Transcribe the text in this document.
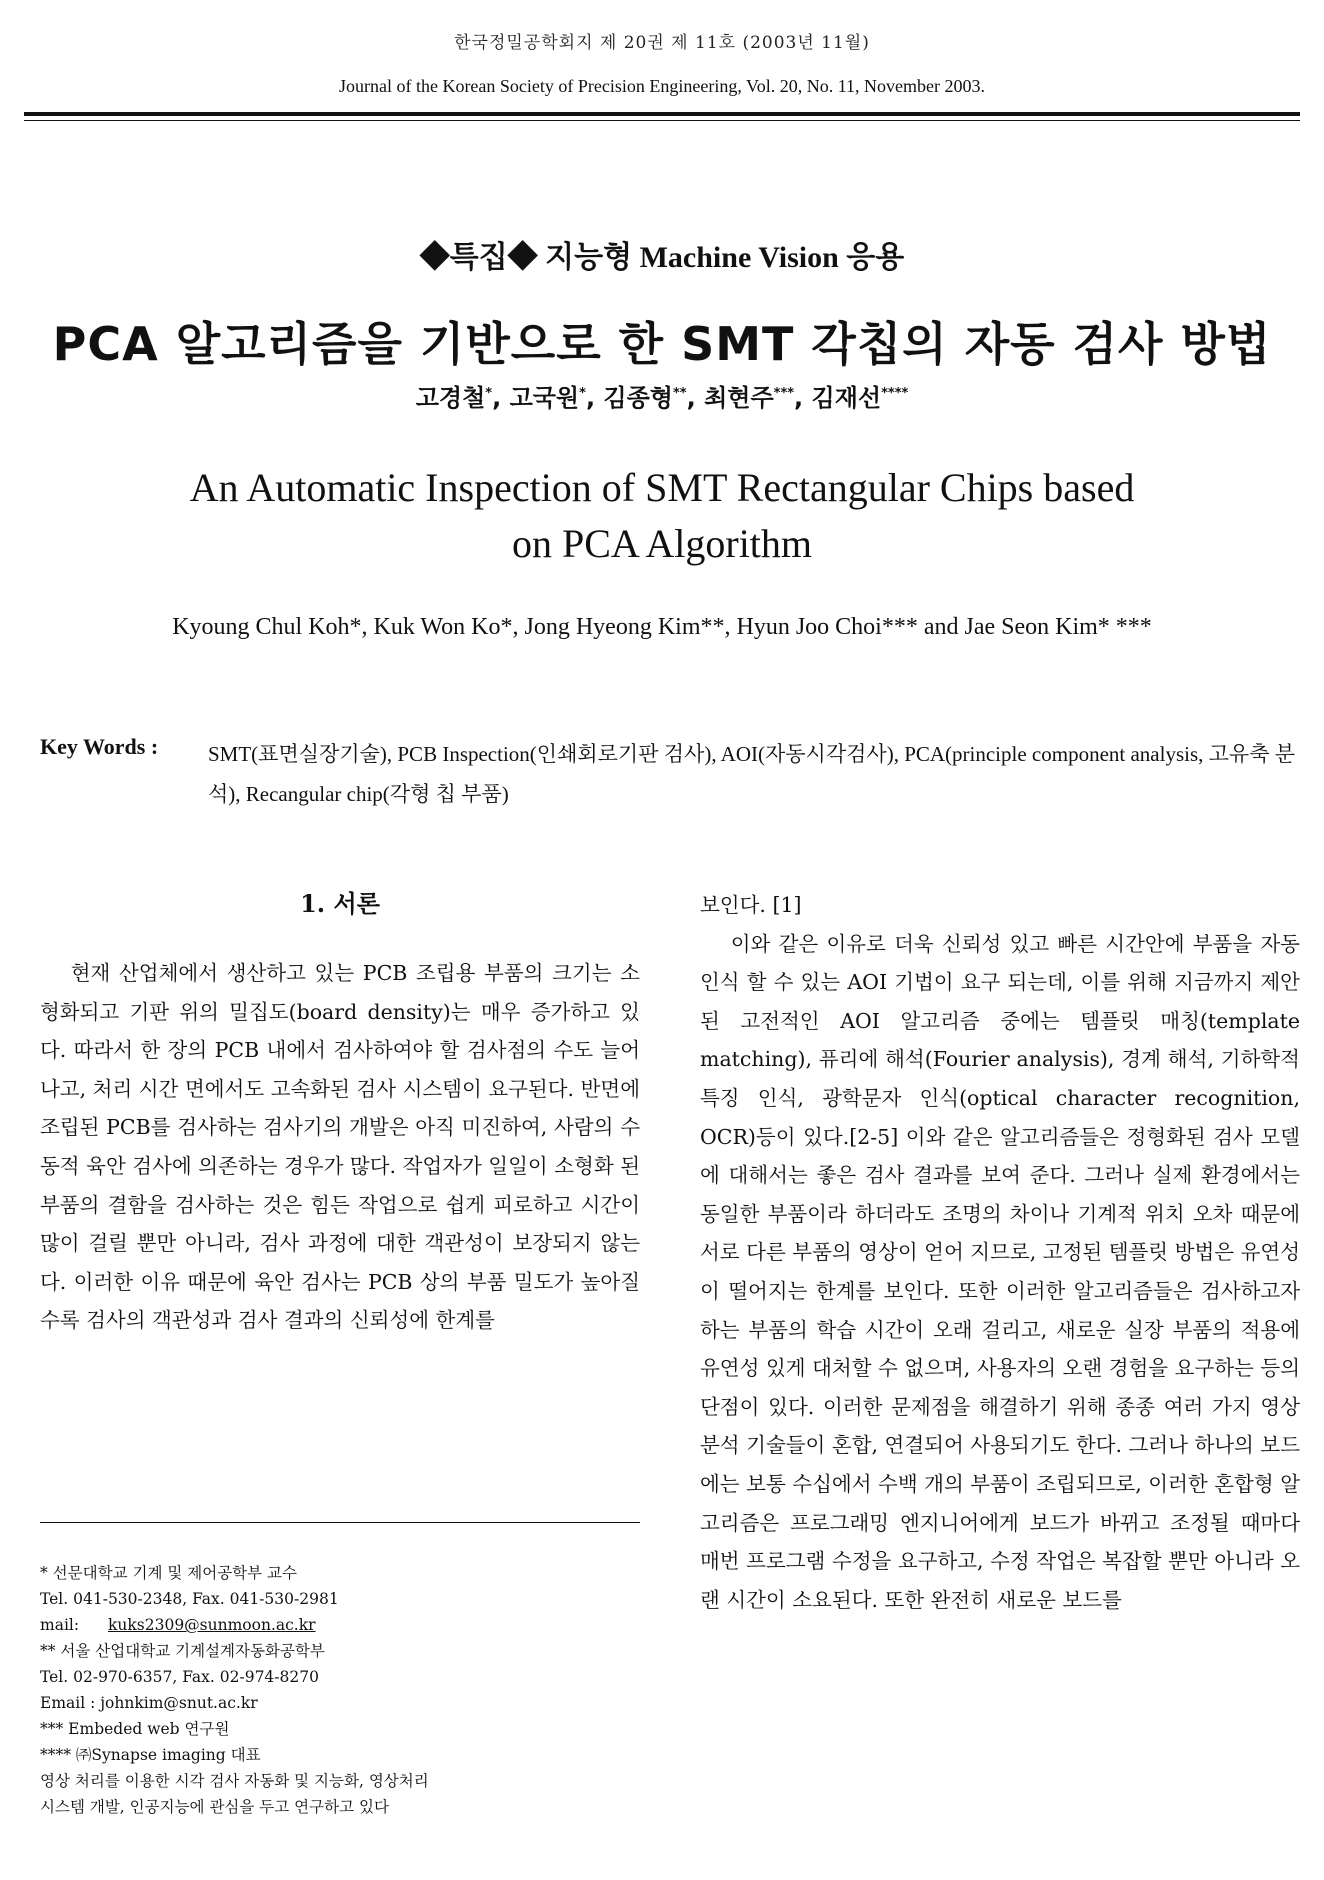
한국정밀공학회지 제 20권 제 11호 (2003년 11월)
Journal of the Korean Society of Precision Engineering, Vol. 20, No. 11, November 2003.
◆특집◆ 지능형 Machine Vision 응용
PCA 알고리즘을 기반으로 한 SMT 각칩의 자동 검사 방법
고경철*, 고국원*, 김종형**, 최현주***, 김재선****
An Automatic Inspection of SMT Rectangular Chips based on PCA Algorithm
Kyoung Chul Koh*, Kuk Won Ko*, Jong Hyeong Kim**, Hyun Joo Choi*** and Jae Seon Kim* ***
Key Words : SMT(표면실장기술), PCB Inspection(인쇄회로기판 검사), AOI(자동시각검사), PCA(principle component analysis, 고유축 분석), Recangular chip(각형 칩 부품)
1. 서론

현재 산업체에서 생산하고 있는 PCB 조립용 부품의 크기는 소형화되고 기판 위의 밀집도(board density)는 매우 증가하고 있다. 따라서 한 장의 PCB 내에서 검사하여야 할 검사점의 수도 늘어나고, 처리 시간 면에서도 고속화된 검사 시스템이 요구된다. 반면에 조립된 PCB를 검사하는 검사기의 개발은 아직 미진하여, 사람의 수동적 육안 검사에 의존하는 경우가 많다. 작업자가 일일이 소형화 된 부품의 결함을 검사하는 것은 힘든 작업으로 쉽게 피로하고 시간이 많이 걸릴 뿐만 아니라, 검사 과정에 대한 객관성이 보장되지 않는다. 이러한 이유 때문에 육안 검사는 PCB 상의 부품 밀도가 높아질수록 검사의 객관성과 검사 결과의 신뢰성에 한계를

보인다. [1]

이와 같은 이유로 더욱 신뢰성 있고 빠른 시간안에 부품을 자동 인식 할 수 있는 AOI 기법이 요구 되는데, 이를 위해 지금까지 제안된 고전적인 AOI 알고리즘 중에는 템플릿 매칭(template matching), 퓨리에 해석(Fourier analysis), 경계 해석, 기하학적 특징 인식, 광학문자 인식(optical character recognition, OCR)등이 있다.[2-5] 이와 같은 알고리즘들은 정형화된 검사 모델에 대해서는 좋은 검사 결과를 보여 준다. 그러나 실제 환경에서는 동일한 부품이라 하더라도 조명의 차이나 기계적 위치 오차 때문에 서로 다른 부품의 영상이 얻어 지므로, 고정된 템플릿 방법은 유연성이 떨어지는 한계를 보인다. 또한 이러한 알고리즘들은 검사하고자 하는 부품의 학습 시간이 오래 걸리고, 새로운 실장 부품의 적용에 유연성 있게 대처할 수 없으며, 사용자의 오랜 경험을 요구하는 등의 단점이 있다. 이러한 문제점을 해결하기 위해 종종 여러 가지 영상 분석 기술들이 혼합, 연결되어 사용되기도 한다. 그러나 하나의 보드에는 보통 수십에서 수백 개의 부품이 조립되므로, 이러한 혼합형 알고리즘은 프로그래밍 엔지니어에게 보드가 바뀌고 조정될 때마다 매번 프로그램 수정을 요구하고, 수정 작업은 복잡할 뿐만 아니라 오랜 시간이 소요된다. 또한 완전히 새로운 보드를

* 선문대학교 기계 및 제어공학부 교수
Tel. 041-530-2348, Fax. 041-530-2981
mail: kuks2309@sunmoon.ac.kr
** 서울 산업대학교 기계설계자동화공학부
Tel. 02-970-6357, Fax. 02-974-8270
Email : johnkim@snut.ac.kr
*** Embeded web 연구원
**** ㈜Synapse imaging 대표
영상 처리를 이용한 시각 검사 자동화 및 지능화, 영상처리
시스템 개발, 인공지능에 관심을 두고 연구하고 있다
